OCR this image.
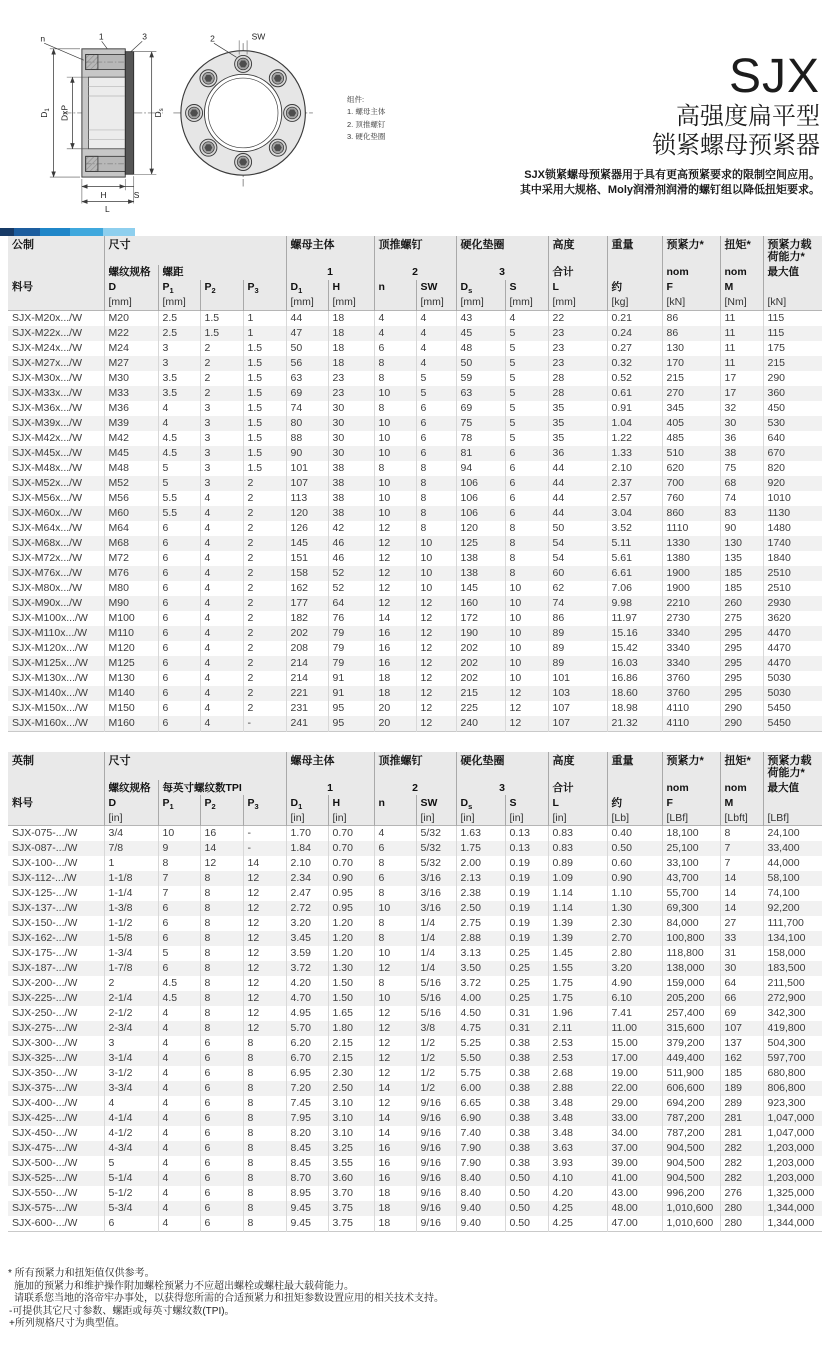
$D_1$ DxP	$D_s$
H	S
L
n	1	3	2	SW
组件:
1. 螺母主体
2. 顶推螺钉
3. 硬化垫圈
SJX
高强度扁平型
锁紧螺母预紧器
SJX锁紧螺母预紧器用于具有更高预紧要求的限制空间应用。
其中采用大规格、Moly润滑剂润滑的螺钉组以降低扭矩要求。
公制	尺寸				螺母主体		顶推螺钉		硬化垫圈		高度	重量	预紧力*	扭矩*	预紧力载荷能力*
	螺纹规格	螺距			1		2		3		合计		nom	nom	最大值
料号	D	$P_1$	$P_2$	$P_3$	$D_1$	H	n	SW	$D_s$	S	L	约	F	M	
	[mm]	[mm]			[mm]	[mm]		[mm]	[mm]	[mm]	[mm]	[kg]	[kN]	[Nm]	[kN]
SJX-M20x.../W	M20	2.5	1.5	1	44	18	4	4	43	4	22	0.21	86	11	115
SJX-M22x.../W	M22	2.5	1.5	1	47	18	4	4	45	5	23	0.24	86	11	115
SJX-M24x.../W	M24	3	2	1.5	50	18	6	4	48	5	23	0.27	130	11	175
SJX-M27x.../W	M27	3	2	1.5	56	18	8	4	50	5	23	0.32	170	11	215
SJX-M30x.../W	M30	3.5	2	1.5	63	23	8	5	59	5	28	0.52	215	17	290
SJX-M33x.../W	M33	3.5	2	1.5	69	23	10	5	63	5	28	0.61	270	17	360
SJX-M36x.../W	M36	4	3	1.5	74	30	8	6	69	5	35	0.91	345	32	450
SJX-M39x.../W	M39	4	3	1.5	80	30	10	6	75	5	35	1.04	405	30	530
SJX-M42x.../W	M42	4.5	3	1.5	88	30	10	6	78	5	35	1.22	485	36	640
SJX-M45x.../W	M45	4.5	3	1.5	90	30	10	6	81	6	36	1.33	510	38	670
SJX-M48x.../W	M48	5	3	1.5	101	38	8	8	94	6	44	2.10	620	75	820
SJX-M52x.../W	M52	5	3	2	107	38	10	8	106	6	44	2.37	700	68	920
SJX-M56x.../W	M56	5.5	4	2	113	38	10	8	106	6	44	2.57	760	74	1010
SJX-M60x.../W	M60	5.5	4	2	120	38	10	8	106	6	44	3.04	860	83	1130
SJX-M64x.../W	M64	6	4	2	126	42	12	8	120	8	50	3.52	1110	90	1480
SJX-M68x.../W	M68	6	4	2	145	46	12	10	125	8	54	5.11	1330	130	1740
SJX-M72x.../W	M72	6	4	2	151	46	12	10	138	8	54	5.61	1380	135	1840
SJX-M76x.../W	M76	6	4	2	158	52	12	10	138	8	60	6.61	1900	185	2510
SJX-M80x.../W	M80	6	4	2	162	52	12	10	145	10	62	7.06	1900	185	2510
SJX-M90x.../W	M90	6	4	2	177	64	12	12	160	10	74	9.98	2210	260	2930
SJX-M100x.../W	M100	6	4	2	182	76	14	12	172	10	86	11.97	2730	275	3620
SJX-M110x.../W	M110	6	4	2	202	79	16	12	190	10	89	15.16	3340	295	4470
SJX-M120x.../W	M120	6	4	2	208	79	16	12	202	10	89	15.42	3340	295	4470
SJX-M125x.../W	M125	6	4	2	214	79	16	12	202	10	89	16.03	3340	295	4470
SJX-M130x.../W	M130	6	4	2	214	91	18	12	202	10	101	16.86	3760	295	5030
SJX-M140x.../W	M140	6	4	2	221	91	18	12	215	12	103	18.60	3760	295	5030
SJX-M150x.../W	M150	6	4	2	231	95	20	12	225	12	107	18.98	4110	290	5450
SJX-M160x.../W	M160	6	4	-	241	95	20	12	240	12	107	21.32	4110	290	5450
英制	尺寸				螺母主体		顶推螺钉		硬化垫圈		高度	重量	预紧力*	扭矩*	预紧力载荷能力*
	螺纹规格	每英寸螺纹数TPI			1		2		3		合计		nom	nom	最大值
料号	D	$P_1$	$P_2$	$P_3$	$D_1$	H	n	SW	$D_s$	S	L	约	F	M	
	[in]				[in]	[in]		[in]	[in]	[in]	[in]	[Lb]	[LBf]	[Lbft]	[LBf]
SJX-075-.../W	3/4	10	16	-	1.70	0.70	4	5/32	1.63	0.13	0.83	0.40	18,100	8	24,100
SJX-087-.../W	7/8	9	14	-	1.84	0.70	6	5/32	1.75	0.13	0.83	0.50	25,100	7	33,400
SJX-100-.../W	1	8	12	14	2.10	0.70	8	5/32	2.00	0.19	0.89	0.60	33,100	7	44,000
SJX-112-.../W	1-1/8	7	8	12	2.34	0.90	6	3/16	2.13	0.19	1.09	0.90	43,700	14	58,100
SJX-125-.../W	1-1/4	7	8	12	2.47	0.95	8	3/16	2.38	0.19	1.14	1.10	55,700	14	74,100
SJX-137-.../W	1-3/8	6	8	12	2.72	0.95	10	3/16	2.50	0.19	1.14	1.30	69,300	14	92,200
SJX-150-.../W	1-1/2	6	8	12	3.20	1.20	8	1/4	2.75	0.19	1.39	2.30	84,000	27	111,700
SJX-162-.../W	1-5/8	6	8	12	3.45	1.20	8	1/4	2.88	0.19	1.39	2.70	100,800	33	134,100
SJX-175-.../W	1-3/4	5	8	12	3.59	1.20	10	1/4	3.13	0.25	1.45	2.80	118,800	31	158,000
SJX-187-.../W	1-7/8	6	8	12	3.72	1.30	12	1/4	3.50	0.25	1.55	3.20	138,000	30	183,500
SJX-200-.../W	2	4.5	8	12	4.20	1.50	8	5/16	3.72	0.25	1.75	4.90	159,000	64	211,500
SJX-225-.../W	2-1/4	4.5	8	12	4.70	1.50	10	5/16	4.00	0.25	1.75	6.10	205,200	66	272,900
SJX-250-.../W	2-1/2	4	8	12	4.95	1.65	12	5/16	4.50	0.31	1.96	7.41	257,400	69	342,300
SJX-275-.../W	2-3/4	4	8	12	5.70	1.80	12	3/8	4.75	0.31	2.11	11.00	315,600	107	419,800
SJX-300-.../W	3	4	6	8	6.20	2.15	12	1/2	5.25	0.38	2.53	15.00	379,200	137	504,300
SJX-325-.../W	3-1/4	4	6	8	6.70	2.15	12	1/2	5.50	0.38	2.53	17.00	449,400	162	597,700
SJX-350-.../W	3-1/2	4	6	8	6.95	2.30	12	1/2	5.75	0.38	2.68	19.00	511,900	185	680,800
SJX-375-.../W	3-3/4	4	6	8	7.20	2.50	14	1/2	6.00	0.38	2.88	22.00	606,600	189	806,800
SJX-400-.../W	4	4	6	8	7.45	3.10	12	9/16	6.65	0.38	3.48	29.00	694,200	289	923,300
SJX-425-.../W	4-1/4	4	6	8	7.95	3.10	14	9/16	6.90	0.38	3.48	33.00	787,200	281	1,047,000
SJX-450-.../W	4-1/2	4	6	8	8.20	3.10	14	9/16	7.40	0.38	3.48	34.00	787,200	281	1,047,000
SJX-475-.../W	4-3/4	4	6	8	8.45	3.25	16	9/16	7.90	0.38	3.63	37.00	904,500	282	1,203,000
SJX-500-.../W	5	4	6	8	8.45	3.55	16	9/16	7.90	0.38	3.93	39.00	904,500	282	1,203,000
SJX-525-.../W	5-1/4	4	6	8	8.70	3.60	16	9/16	8.40	0.50	4.10	41.00	904,500	282	1,203,000
SJX-550-.../W	5-1/2	4	6	8	8.95	3.70	18	9/16	8.40	0.50	4.20	43.00	996,200	276	1,325,000
SJX-575-.../W	5-3/4	4	6	8	9.45	3.75	18	9/16	9.40	0.50	4.25	48.00	1,010,600	280	1,344,000
SJX-600-.../W	6	4	6	8	9.45	3.75	18	9/16	9.40	0.50	4.25	47.00	1,010,600	280	1,344,000
* 所有预紧力和扭矩值仅供参考。
施加的预紧力和维护操作附加螺栓预紧力不应超出螺栓或螺柱最大载荷能力。
请联系您当地的洛帝牢办事处，以获得您所需的合适预紧力和扭矩参数设置应用的相关技术支持。
-可提供其它尺寸参数、螺距或每英寸螺纹数(TPI)。
+所列规格尺寸为典型值。
